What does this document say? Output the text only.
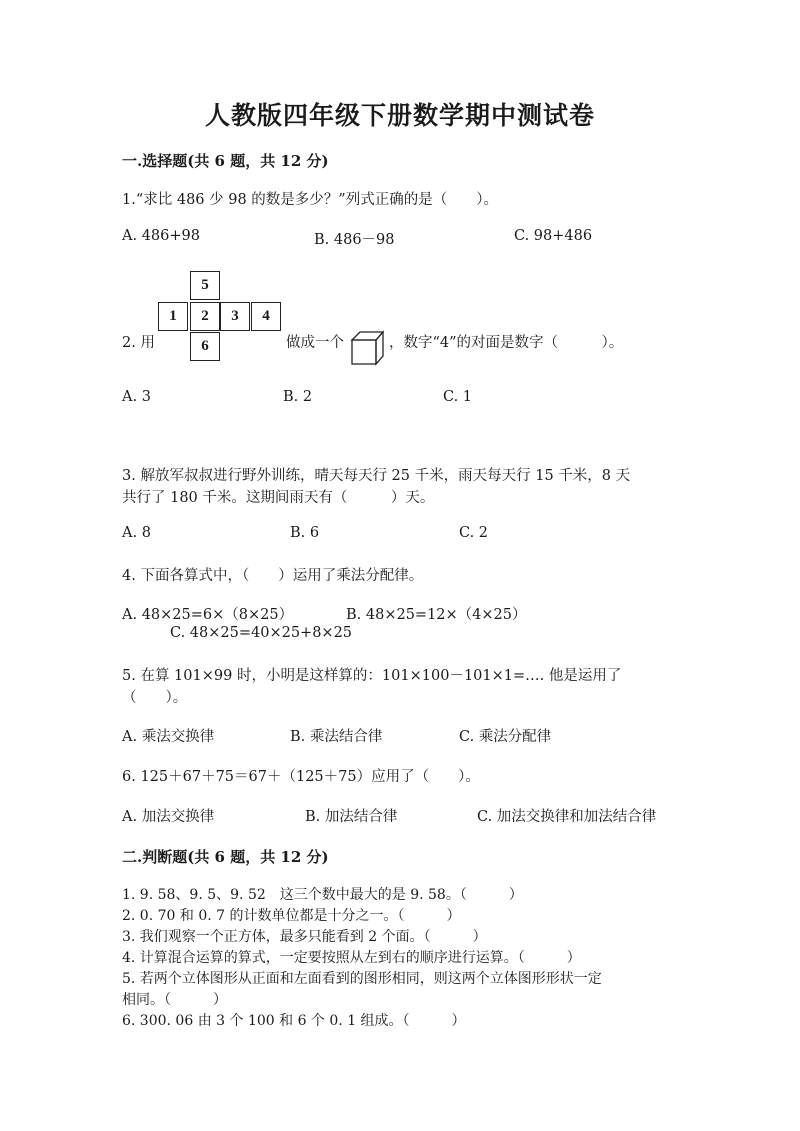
人教版四年级下册数学期中测试卷
一.选择题(共 6 题，共 12 分)
1.“求比 486 少 98 的数是多少？”列式正确的是（　　）。
A. 486+98	B. 486－98	C. 98+486
2. 用
5
1	2	3	4
6	做成一个	，数字“4”的对面是数字（　　　）。
A. 3	B. 2	C. 1
3. 解放军叔叔进行野外训练，晴天每天行 25 千米，雨天每天行 15 千米，8 天
共行了 180 千米。这期间雨天有（　　　）天。
A. 8	B. 6	C. 2
4. 下面各算式中，（　　）运用了乘法分配律。
A. 48×25=6×（8×25）	B. 48×25=12×（4×25）
C. 48×25=40×25+8×25
5. 在算 101×99 时，小明是这样算的：101×100－101×1=…. 他是运用了
（　　）。
A. 乘法交换律	B. 乘法结合律	C. 乘法分配律
6. 125＋67＋75＝67＋（125＋75）应用了（　　）。
A. 加法交换律	B. 加法结合律	C. 加法交换律和加法结合律
二.判断题(共 6 题，共 12 分)
1. 9. 58、9. 5、9. 52　这三个数中最大的是 9. 58。（　　　）
2. 0. 70 和 0. 7 的计数单位都是十分之一。（　　　）
3. 我们观察一个正方体，最多只能看到 2 个面。（　　　）
4. 计算混合运算的算式，一定要按照从左到右的顺序进行运算。（　　　）
5. 若两个立体图形从正面和左面看到的图形相同，则这两个立体图形形状一定
相同。（　　　）
6. 300. 06 由 3 个 100 和 6 个 0. 1 组成。（　　　）
